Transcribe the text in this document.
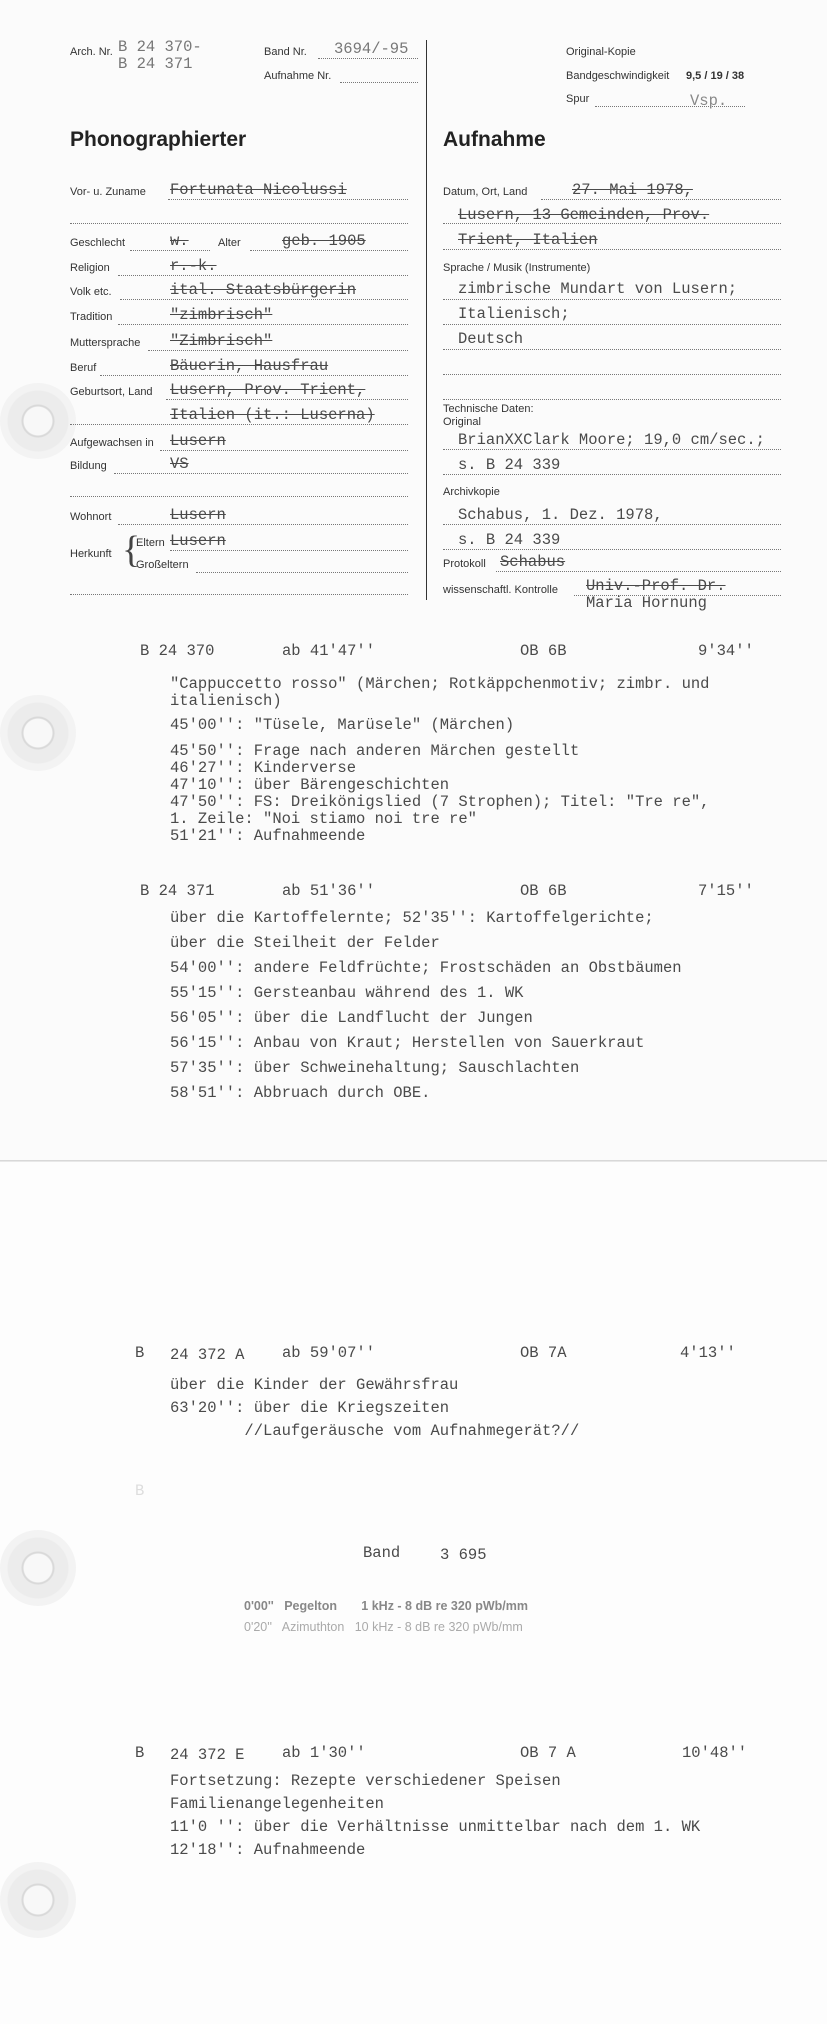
Arch. Nr. B 24 370-
B 24 371
Band Nr. 3694/-95
Aufnahme Nr.
Original-Kopie
Bandgeschwindigkeit 9,5 / 19 / 38
Spur	Vsp.
Phonographierter	Aufnahme
Vor- u. Zuname Fortunata Nicolussi
Geschlecht	w.	Alter	geb. 1905
Religion	r.-k.
Volk etc.	ital. Staatsbürgerin
Tradition	"zimbrisch"
Muttersprache "Zimbrisch"
Beruf	Bäuerin, Hausfrau
Geburtsort, Land Lusern, Prov. Trient,
Italien (it.: Luserna)
Aufgewachsen in Lusern
Bildung	VS
Wohnort	Lusern
Herkunft {
Eltern Lusern
Großeltern
Datum, Ort, Land	27. Mai 1978,
Lusern, 13 Gemeinden, Prov.
Trient, Italien
Sprache / Musik (Instrumente)
zimbrische Mundart von Lusern;
Italienisch;
Deutsch
Technische Daten:
Original
BrianXXClark Moore; 19,0 cm/sec.;
s. B 24 339
Archivkopie
Schabus, 1. Dez. 1978,
s. B 24 339
Protokoll Schabus
wissenschaftl. Kontrolle Univ.-Prof. Dr.
Maria Hornung
B 24 370	ab 41'47''	OB 6B	9'34''
"Cappuccetto rosso" (Märchen; Rotkäppchenmotiv; zimbr. und
italienisch)
45'00'': "Tüsele, Marüsele" (Märchen)
45'50'': Frage nach anderen Märchen gestellt
46'27'': Kinderverse
47'10'': über Bärengeschichten
47'50'': FS: Dreikönigslied (7 Strophen); Titel: "Tre re",
1. Zeile: "Noi stiamo noi tre re"
51'21'': Aufnahmeende
B 24 371	ab 51'36''	OB 6B	7'15''
über die Kartoffelernte; 52'35'': Kartoffelgerichte;
über die Steilheit der Felder
54'00'': andere Feldfrüchte; Frostschäden an Obstbäumen
55'15'': Gersteanbau während des 1. WK
56'05'': über die Landflucht der Jungen
56'15'': Anbau von Kraut; Herstellen von Sauerkraut
57'35'': über Schweinehaltung; Sauschlachten
58'51'': Abbruach durch OBE.
B 24 372 A ab 59'07''	OB 7A	4'13''
über die Kinder der Gewährsfrau
63'20'': über die Kriegszeiten
//Laufgeräusche vom Aufnahmegerät?//
B
Band	3 695
0'00''   Pegelton       1 kHz - 8 dB re 320 pWb/mm
0'20''   Azimuthton   10 kHz - 8 dB re 320 pWb/mm
B 24 372 E ab 1'30''	OB 7 A	10'48''
Fortsetzung: Rezepte verschiedener Speisen
Familienangelegenheiten
11'0 '': über die Verhältnisse unmittelbar nach dem 1. WK
12'18'': Aufnahmeende
